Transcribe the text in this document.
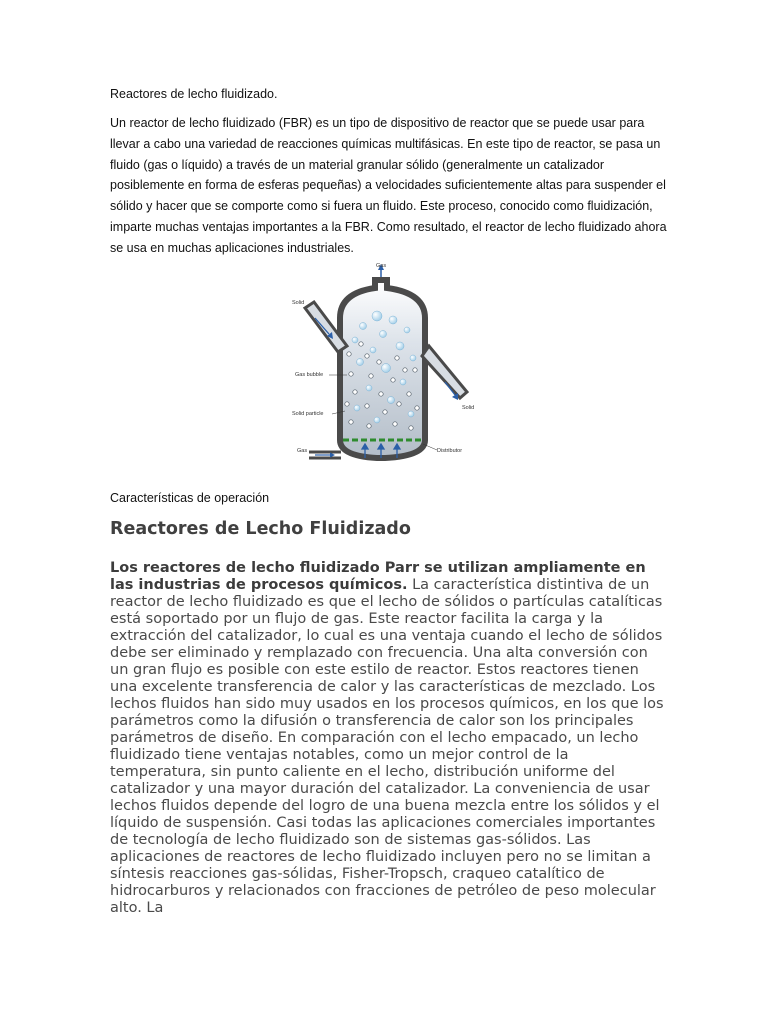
Reactores de lecho fluidizado.

Un reactor de lecho fluidizado (FBR) es un tipo de dispositivo de reactor que se puede usar para llevar a cabo una variedad de reacciones químicas multifásicas. En este tipo de reactor, se pasa un fluido (gas o líquido) a través de un material granular sólido (generalmente un catalizador posiblemente en forma de esferas pequeñas) a velocidades suficientemente altas para suspender el sólido y hacer que se comporte como si fuera un fluido. Este proceso, conocido como fluidización, imparte muchas ventajas importantes a la FBR. Como resultado, el reactor de lecho fluidizado ahora se usa en muchas aplicaciones industriales.

Gas
Solid
Solid
Distributor
Gas
Gas bubble
Solid particle
Características de operación
Reactores de Lecho Fluidizado

Los reactores de lecho fluidizado Parr se utilizan ampliamente en las industrias de procesos químicos. La característica distintiva de un reactor de lecho fluidizado es que el lecho de sólidos o partículas catalíticas está soportado por un flujo de gas. Este reactor facilita la carga y la extracción del catalizador, lo cual es una ventaja cuando el lecho de sólidos debe ser eliminado y remplazado con frecuencia. Una alta conversión con un gran flujo es posible con este estilo de reactor. Estos reactores tienen una excelente transferencia de calor y las características de mezclado. Los lechos fluidos han sido muy usados en los procesos químicos, en los que los parámetros como la difusión o transferencia de calor son los principales parámetros de diseño. En comparación con el lecho empacado, un lecho fluidizado tiene ventajas notables, como un mejor control de la temperatura, sin punto caliente en el lecho, distribución uniforme del catalizador y una mayor duración del catalizador. La conveniencia de usar lechos fluidos depende del logro de una buena mezcla entre los sólidos y el líquido de suspensión. Casi todas las aplicaciones comerciales importantes de tecnología de lecho fluidizado son de sistemas gas-sólidos. Las aplicaciones de reactores de lecho fluidizado incluyen pero no se limitan a síntesis reacciones gas-sólidas, Fisher-Tropsch, craqueo catalítico de hidrocarburos y relacionados con fracciones de petróleo de peso molecular alto. La
